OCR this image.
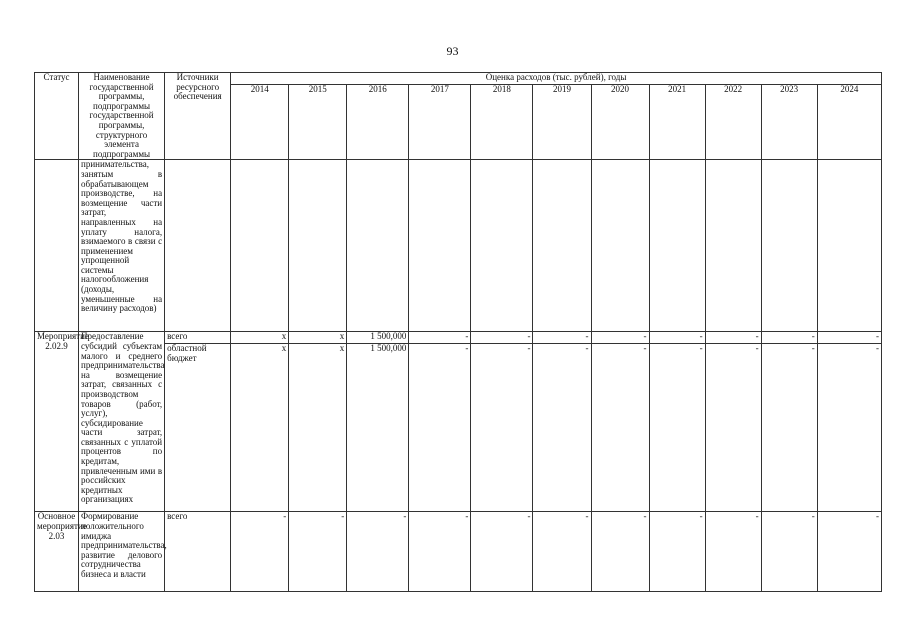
93
Статус	Наименование государственной программы, подпрограммы государственной программы, структурного элемента подпрограммы	Источники ресурсного обеспечения	Оценка расходов (тыс. рублей), годы										
			2014	2015	2016	2017	2018	2019	2020	2021	2022	2023	2024
	принимательства, занятым в обрабатывающем производстве, на возмещение части затрат, направленных на уплату налога, взимаемого в связи с применением упрощенной системы налогообложения (доходы, уменьшенные на величину расходов)												
Мероприятие 2.02.9	Предоставление субсидий субъектам малого и среднего предпринимательства на возмещение затрат, связанных с производством товаров (работ, услуг), субсидирование части затрат, связанных с уплатой процентов по кредитам, привлеченным ими в российских кредитных организациях	всего	х	х	1 500,000	-	-	-	-	-	-	-	-
		областной бюджет	х	х	1 500,000	-	-	-	-	-	-	-	-
Основное мероприятие 2.03	Формирование положительного имиджа предпринимательства, развитие делового сотрудничества бизнеса и власти	всего	-	-	-	-	-	-	-	-	-	-	-
